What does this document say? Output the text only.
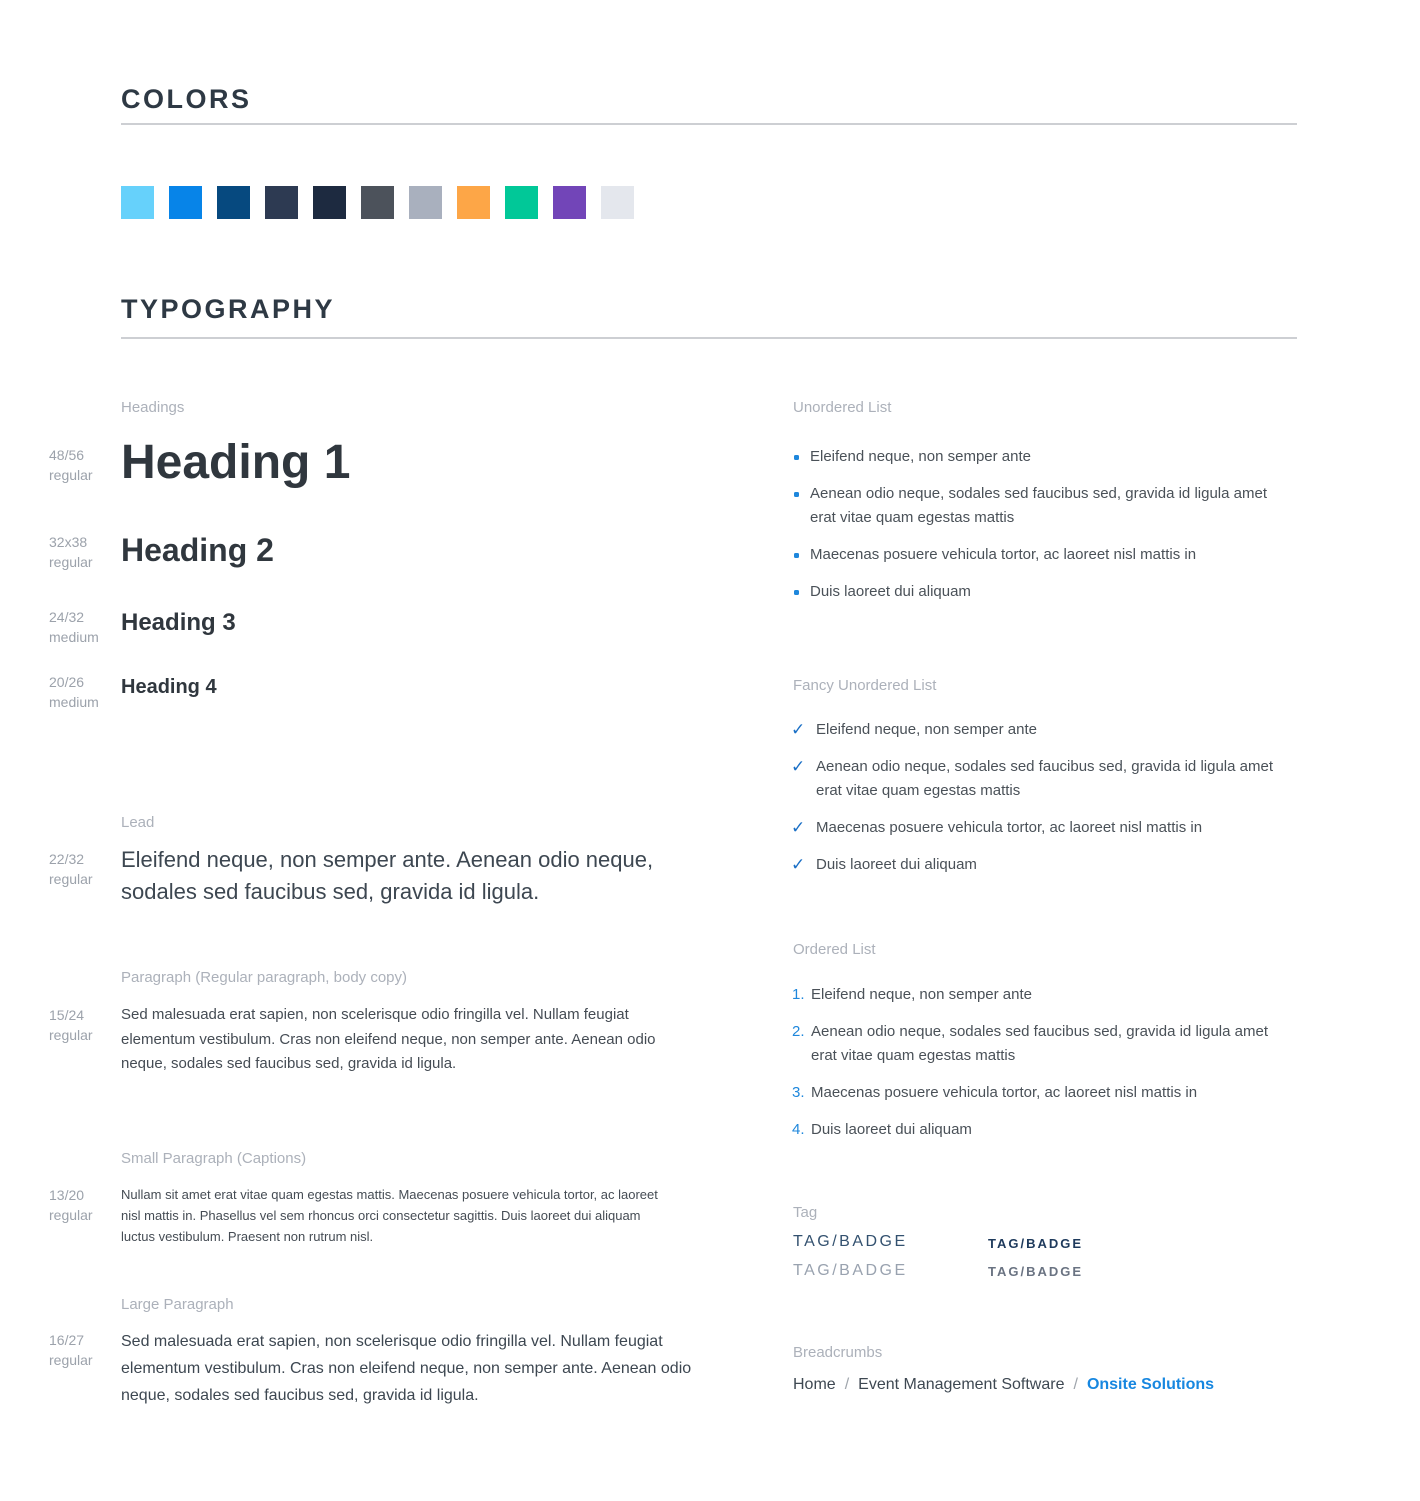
COLORS
TYPOGRAPHY
Headings
48/56
regular Heading 1
32x38
regular Heading 2
24/32
medium
Heading 3
20/26
medium
Heading 4
Lead
22/32
regular
Eleifend neque, non semper ante. Aenean odio neque, sodales sed faucibus sed, gravida id ligula.
Paragraph (Regular paragraph, body copy)
15/24
regular
Sed malesuada erat sapien, non scelerisque odio fringilla vel. Nullam feugiat elementum vestibulum. Cras non eleifend neque, non semper ante. Aenean odio neque, sodales sed faucibus sed, gravida id ligula.
Small Paragraph (Captions)
13/20
regular
Nullam sit amet erat vitae quam egestas mattis. Maecenas posuere vehicula tortor, ac laoreet nisl mattis in. Phasellus vel sem rhoncus orci consectetur sagittis. Duis laoreet dui aliquam luctus vestibulum. Praesent non rutrum nisl.
Large Paragraph
16/27
regular
Sed malesuada erat sapien, non scelerisque odio fringilla vel. Nullam feugiat elementum vestibulum. Cras non eleifend neque, non semper ante. Aenean odio neque, sodales sed faucibus sed, gravida id ligula.
Unordered List
Eleifend neque, non semper ante
Aenean odio neque, sodales sed faucibus sed, gravida id ligula amet erat vitae quam egestas mattis
Maecenas posuere vehicula tortor, ac laoreet nisl mattis in
Duis laoreet dui aliquam
Fancy Unordered List
✓ Eleifend neque, non semper ante
✓ Aenean odio neque, sodales sed faucibus sed, gravida id ligula amet erat vitae quam egestas mattis
✓ Maecenas posuere vehicula tortor, ac laoreet nisl mattis in
✓ Duis laoreet dui aliquam
Ordered List
Eleifend neque, non semper ante
Aenean odio neque, sodales sed faucibus sed, gravida id ligula amet erat vitae quam egestas mattis
Maecenas posuere vehicula tortor, ac laoreet nisl mattis in
Duis laoreet dui aliquam
Tag
TAG/BADGE	TAG/BADGE
TAG/BADGE	TAG/BADGE
Breadcrumbs
Home / Event Management Software / Onsite Solutions
